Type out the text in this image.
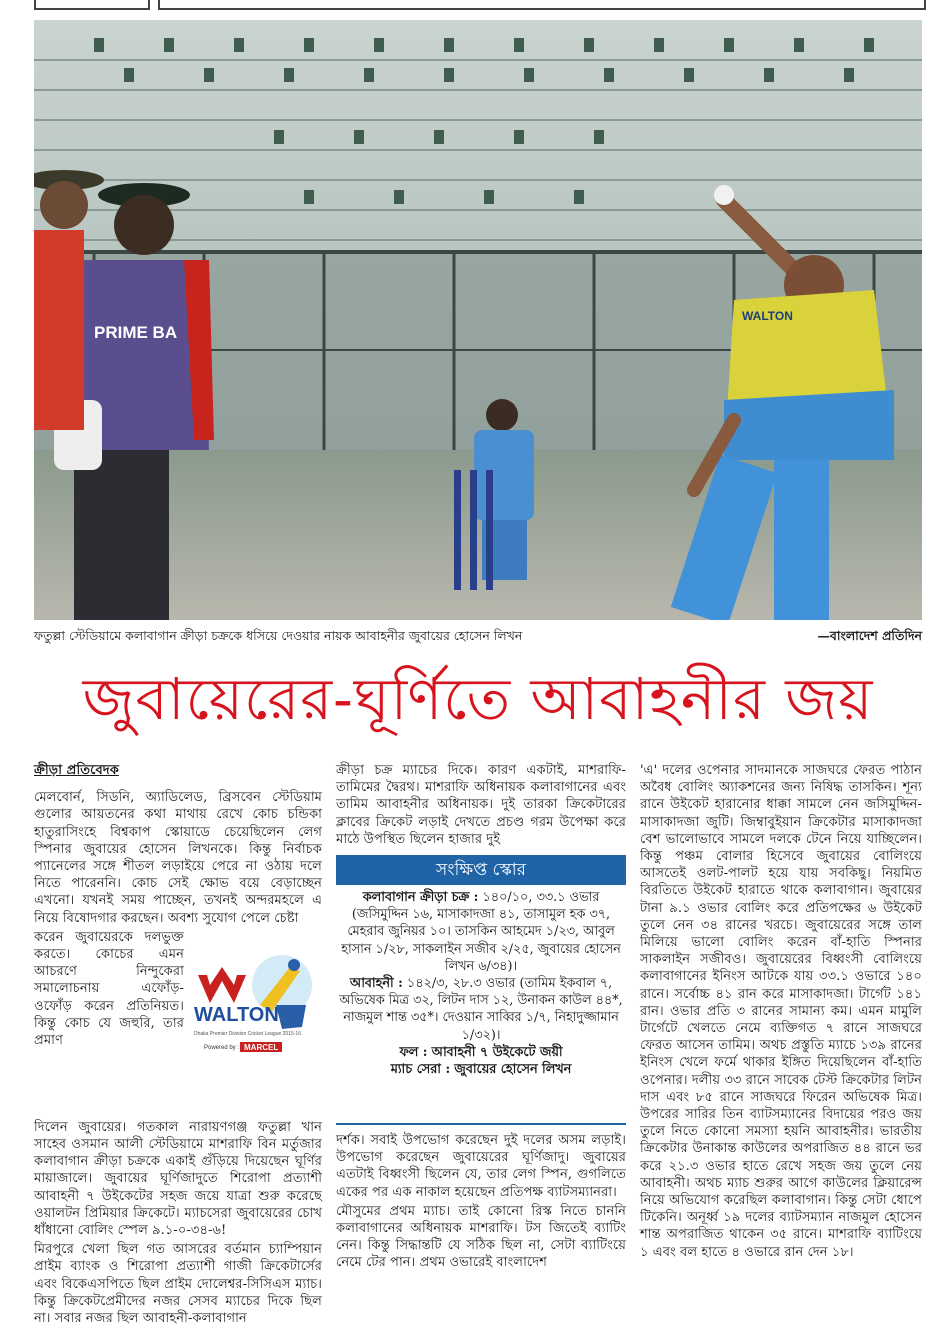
PRIME BA
WALTON
ফতুল্লা স্টেডিয়ামে কলাবাগান ক্রীড়া চক্রকে ধসিয়ে দেওয়ার নায়ক আবাহনীর জুবায়ের হোসেন লিখন	—বাংলাদেশ প্রতিদিন
জুবায়েরের-ঘূর্ণিতে আবাহনীর জয়

ক্রীড়া প্রতিবেদক

মেলবোর্ন, সিডনি, অ্যাডিলেড, ব্রিসবেন স্টেডিয়াম গুলোর আয়তনের কথা মাথায় রেখে কোচ চন্ডিকা হাতুরাসিংহে বিশ্বকাপ স্কোয়াডে চেয়েছিলেন লেগ স্পিনার জুবায়ের হোসেন লিখনকে। কিন্তু নির্বাচক প্যানেলের সঙ্গে শীতল লড়াইয়ে পেরে না ওঠায় দলে নিতে পারেননি। কোচ সেই ক্ষোভ বয়ে বেড়াচ্ছেন এখনো। যখনই সময় পাচ্ছেন, তখনই অন্দরমহলে এ নিয়ে বিষোদগার করছেন। অবশ্য সুযোগ পেলে চেষ্টা

করেন জুবায়েরকে দলভুক্ত করতে। কোচের এমন আচরণে নিন্দুকেরা সমালোচনায় এফোঁড়-ওফোঁড় করেন প্রতিনিয়ত। কিন্তু কোচ যে জহুরি, তার প্রমাণ
WALTON
Dhaka Premier Division Cricket League 2015-16
Powered by : MARCEL

দিলেন জুবায়ের। গতকাল নারায়ণগঞ্জ ফতুল্লা খান সাহেব ওসমান আলী স্টেডিয়ামে মাশরাফি বিন মর্তুজার কলাবাগান ক্রীড়া চক্রকে একাই গুঁড়িয়ে দিয়েছেন ঘূর্ণির মায়াজালে। জুবায়ের ঘূর্ণিজাদুতে শিরোপা প্রত্যাশী আবাহনী ৭ উইকেটের সহজ জয়ে যাত্রা শুরু করেছে ওয়ালটন প্রিমিয়ার ক্রিকেটে। ম্যাচসেরা জুবায়েরের চোখ ধাঁধানো বোলিং স্পেল ৯.১-০-৩৪-৬!

মিরপুরে খেলা ছিল গত আসরের বর্তমান চ্যাম্পিয়ান প্রাইম ব্যাংক ও শিরোপা প্রত্যাশী গাজী ক্রিকেটার্সের এবং বিকেএসপিতে ছিল প্রাইম দোলেশ্বর-সিসিএস ম্যাচ। কিন্তু ক্রিকেটপ্রেমীদের নজর সেসব ম্যাচের দিকে ছিল না। সবার নজর ছিল আবাহনী-কলাবাগান

ক্রীড়া চক্র ম্যাচের দিকে। কারণ একটাই, মাশরাফি-তামিমের দ্বৈরথ। মাশরাফি অধিনায়ক কলাবাগানের এবং তামিম আবাহনীর অধিনায়ক। দুই তারকা ক্রিকেটারের ক্লাবের ক্রিকেট লড়াই দেখতে প্রচণ্ড গরম উপেক্ষা করে মাঠে উপস্থিত ছিলেন হাজার দুই

সংক্ষিপ্ত স্কোর

কলাবাগান ক্রীড়া চক্র : ১৪০/১০, ৩৩.১ ওভার (জসিমুদ্দিন ১৬, মাসাকাদজা ৪১, তাসামুল হক ৩৭, মেহরাব জুনিয়র ১০। তাসকিন আহমেদ ১/২৩, আবুল হাসান ১/২৮, সাকলাইন সজীব ২/২৫, জুবায়ের হোসেন লিখন ৬/৩৪)।

আবাহনী : ১৪২/৩, ২৮.৩ ওভার (তামিম ইকবাল ৭, অভিষেক মিত্র ৩২, লিটন দাস ১২, উনাকন কাউল ৪৪*, নাজমুল শান্ত ৩৫*। দেওয়ান সাব্বির ১/৭, নিহাদুজ্জামান ১/৩২)।

ফল : আবাহনী ৭ উইকেটে জয়ী

ম্যাচ সেরা : জুবায়ের হোসেন লিখন

দর্শক। সবাই উপভোগ করেছেন দুই দলের অসম লড়াই। উপভোগ করেছেন জুবায়েরের ঘূর্ণিজাদু। জুবায়ের এতটাই বিধ্বংসী ছিলেন যে, তার লেগ স্পিন, গুগলিতে একের পর এক নাকাল হয়েছেন প্রতিপক্ষ ব্যাটসম্যানরা।

মৌসুমের প্রথম ম্যাচ। তাই কোনো রিস্ক নিতে চাননি কলাবাগানের অধিনায়ক মাশরাফি। টস জিতেই ব্যাটিং নেন। কিন্তু সিদ্ধান্তটি যে সঠিক ছিল না, সেটা ব্যাটিংয়ে নেমে টের পান। প্রথম ওভারেই বাংলাদেশ

'এ' দলের ওপেনার সাদমানকে সাজঘরে ফেরত পাঠান অবৈধ বোলিং অ্যাকশনের জন্য নিষিদ্ধ তাসকিন। শূন্য রানে উইকেট হারানোর ধাক্কা সামলে নেন জসিমুদ্দিন-মাসাকাদজা জুটি। জিম্বাবুইয়ান ক্রিকেটার মাসাকাদজা বেশ ভালোভাবে সামলে দলকে টেনে নিয়ে যাচ্ছিলেন। কিন্তু পঞ্চম বোলার হিসেবে জুবায়ের বোলিংয়ে আসতেই ওলট-পালট হয়ে যায় সবকিছু। নিয়মিত বিরতিতে উইকেট হারাতে থাকে কলাবাগান। জুবায়ের টানা ৯.১ ওভার বোলিং করে প্রতিপক্ষের ৬ উইকেট তুলে নেন ৩৪ রানের খরচে। জুবায়েরের সঙ্গে তাল মিলিয়ে ভালো বোলিং করেন বাঁ-হাতি স্পিনার সাকলাইন সজীবও। জুবায়েরের বিধ্বংসী বোলিংয়ে কলাবাগানের ইনিংস আটকে যায় ৩৩.১ ওভারে ১৪০ রানে। সর্বোচ্চ ৪১ রান করে মাসাকাদজা। টার্গেট ১৪১ রান। ওভার প্রতি ৩ রানের সামান্য কম। এমন মামুলি টার্গেটে খেলতে নেমে ব্যক্তিগত ৭ রানে সাজঘরে ফেরত আসেন তামিম। অথচ প্রস্তুতি ম্যাচে ১৩৯ রানের ইনিংস খেলে ফর্মে থাকার ইঙ্গিত দিয়েছিলেন বাঁ-হাতি ওপেনার। দলীয় ৩৩ রানে সাবেক টেস্ট ক্রিকেটার লিটন দাস এবং ৮৫ রানে সাজঘরে ফিরেন অভিষেক মিত্র। উপরের সারির তিন ব্যাটসম্যানের বিদায়ের পরও জয় তুলে নিতে কোনো সমস্যা হয়নি আবাহনীর। ভারতীয় ক্রিকেটার উনাকান্ত কাউলের অপরাজিত ৪৪ রানে ভর করে ২১.৩ ওভার হাতে রেখে সহজ জয় তুলে নেয় আবাহনী। অথচ ম্যাচ শুরুর আগে কাউলের ক্লিয়ারেন্স নিয়ে অভিযোগ করেছিল কলাবাগান। কিন্তু সেটা ধোপে টিকেনি। অনূর্ধ্ব ১৯ দলের ব্যাটসম্যান নাজমুল হোসেন শান্ত অপরাজিত থাকেন ৩৫ রানে। মাশরাফি ব্যাটিংয়ে ১ এবং বল হাতে ৪ ওভারে রান দেন ১৮।
